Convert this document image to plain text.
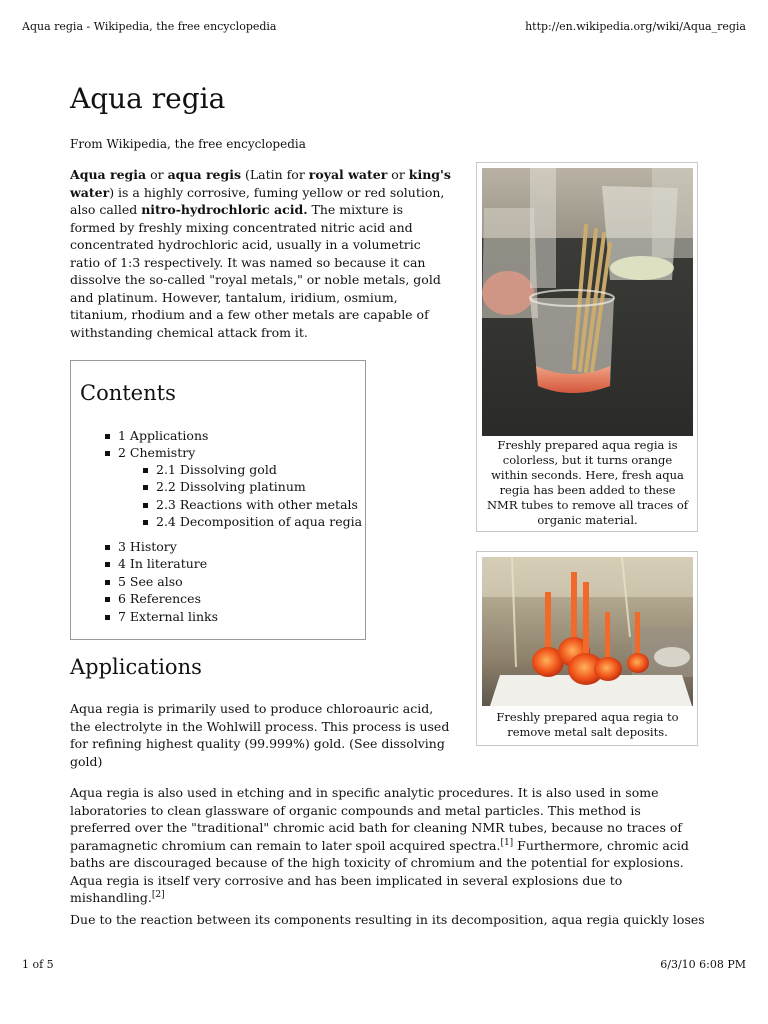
Aqua regia - Wikipedia, the free encyclopedia	http://en.wikipedia.org/wiki/Aqua_regia
Aqua regia
From Wikipedia, the free encyclopedia
Aqua regia or aqua regis (Latin for royal water or king's water) is a highly corrosive, fuming yellow or red solution, also called nitro-hydrochloric acid. The mixture is formed by freshly mixing concentrated nitric acid and concentrated hydrochloric acid, usually in a volumetric ratio of 1:3 respectively. It was named so because it can dissolve the so-called "royal metals," or noble metals, gold and platinum. However, tantalum, iridium, osmium, titanium, rhodium and a few other metals are capable of withstanding chemical attack from it.
Contents
1 Applications
2 Chemistry
2.1 Dissolving gold
2.2 Dissolving platinum
2.3 Reactions with other metals
2.4 Decomposition of aqua regia
3 History
4 In literature
5 See also
6 References
7 External links
Applications
Aqua regia is primarily used to produce chloroauric acid, the electrolyte in the Wohlwill process. This process is used for refining highest quality (99.999%) gold. (See dissolving gold)
Aqua regia is also used in etching and in specific analytic procedures. It is also used in some laboratories to clean glassware of organic compounds and metal particles. This method is preferred over the "traditional" chromic acid bath for cleaning NMR tubes, because no traces of paramagnetic chromium can remain to later spoil acquired spectra.[1] Furthermore, chromic acid baths are discouraged because of the high toxicity of chromium and the potential for explosions. Aqua regia is itself very corrosive and has been implicated in several explosions due to mishandling.[2]
Due to the reaction between its components resulting in its decomposition, aqua regia quickly loses
Freshly prepared aqua regia is colorless, but it turns orange within seconds. Here, fresh aqua regia has been added to these NMR tubes to remove all traces of organic material.
Freshly prepared aqua regia to remove metal salt deposits.
1 of 5	6/3/10 6:08 PM
